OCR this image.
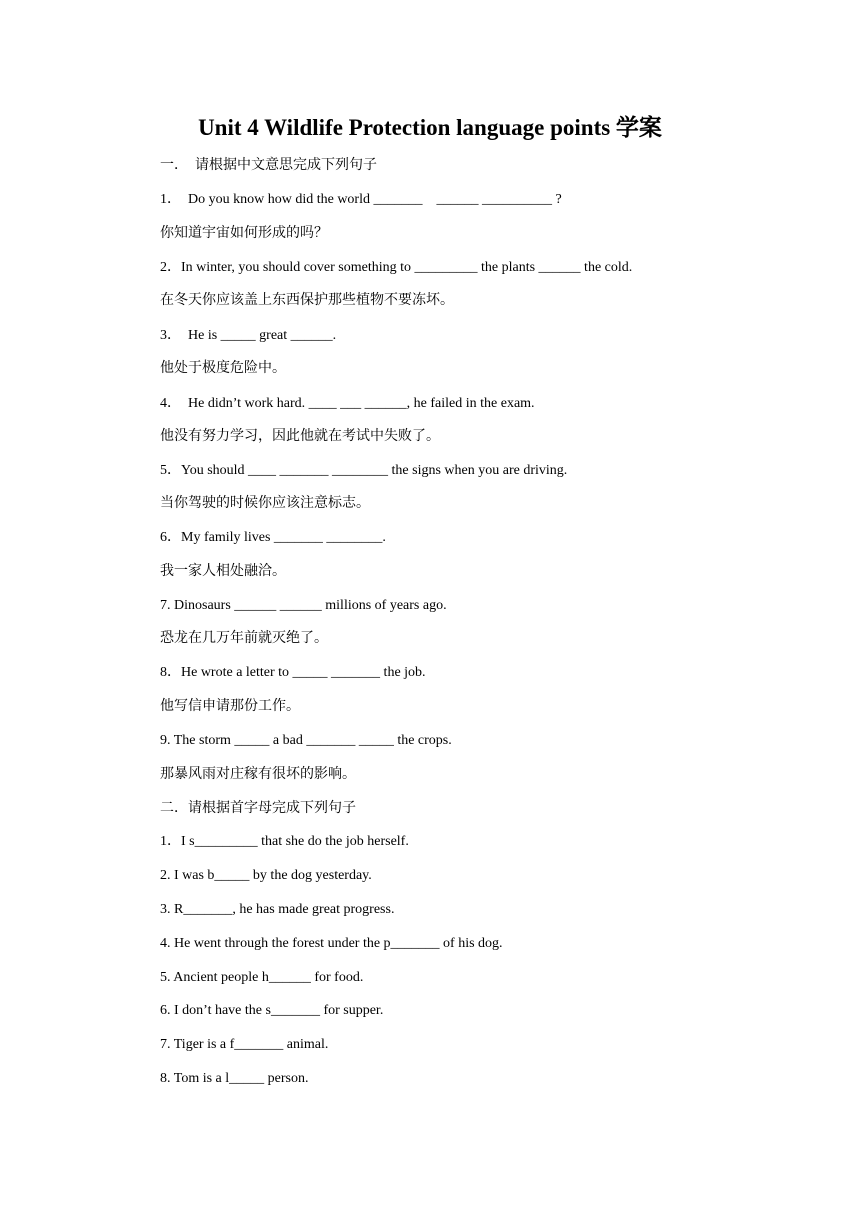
Unit 4 Wildlife Protection language points 学案
一．  请根据中文意思完成下列句子
1．  Do you know how did the world _______    ______ __________ ?
你知道宇宙如何形成的吗？
2．In winter, you should cover something to _________ the plants ______ the cold.
在冬天你应该盖上东西保护那些植物不要冻坏。
3．  He is _____ great ______.
他处于极度危险中。
4．  He didn’t work hard. ____ ___ ______, he failed in the exam.
他没有努力学习，因此他就在考试中失败了。
5．You should ____ _______ ________ the signs when you are driving.
当你驾驶的时候你应该注意标志。
6．My family lives _______ ________.
我一家人相处融洽。
7. Dinosaurs ______ ______ millions of years ago.
恐龙在几万年前就灭绝了。
8．He wrote a letter to _____ _______ the job.
他写信申请那份工作。
9. The storm _____ a bad _______ _____ the crops.
那暴风雨对庄稼有很坏的影响。
二．请根据首字母完成下列句子
1．I s_________ that she do the job herself.
2. I was b_____ by the dog yesterday.
3. R_______, he has made great progress.
4. He went through the forest under the p_______ of his dog.
5. Ancient people h______ for food.
6. I don’t have the s_______ for supper.
7. Tiger is a f_______ animal.
8. Tom is a l_____ person.
